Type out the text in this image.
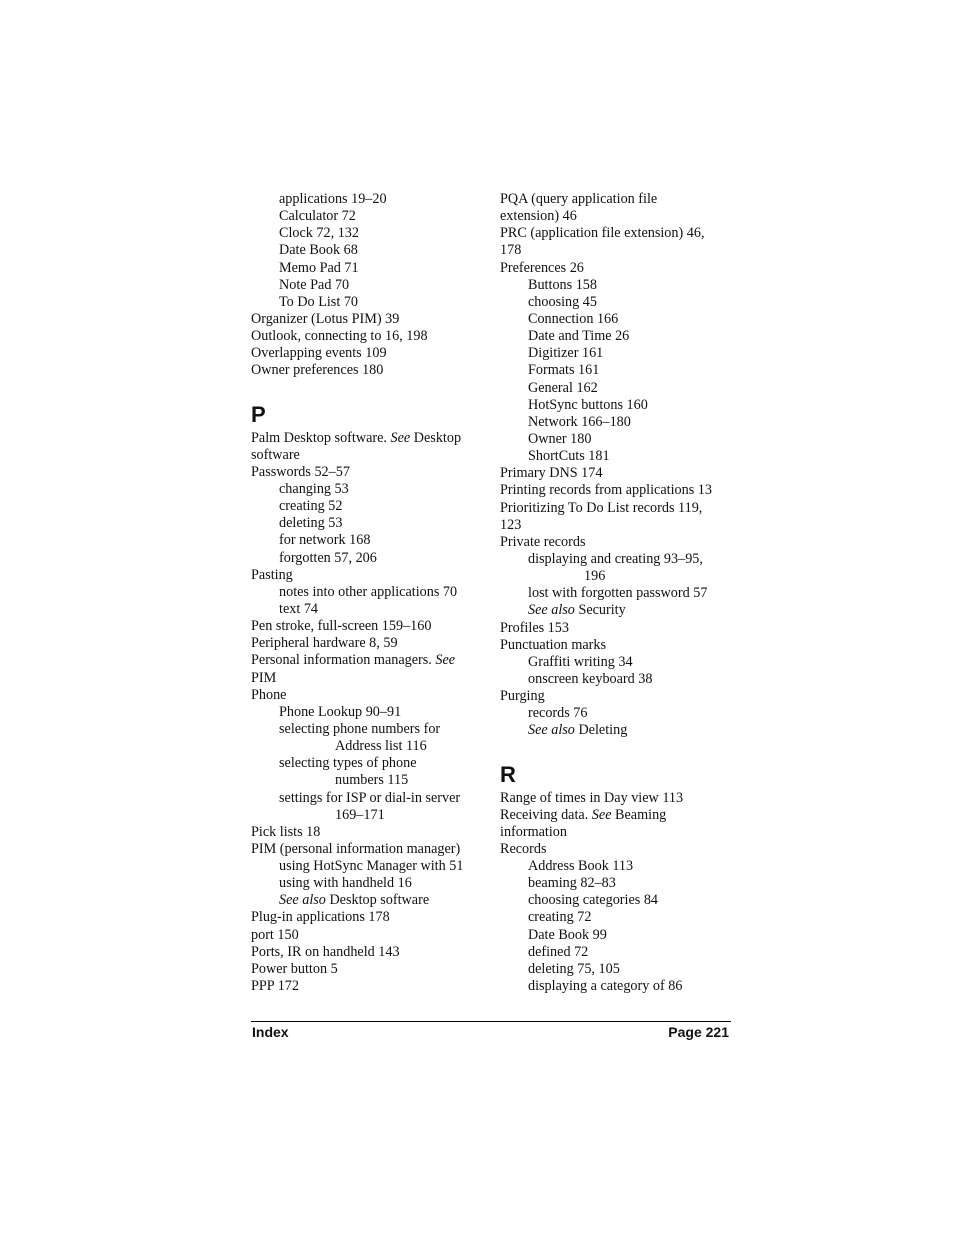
applications 19–20
Calculator 72
Clock 72, 132
Date Book 68
Memo Pad 71
Note Pad 70
To Do List 70
Organizer (Lotus PIM) 39
Outlook, connecting to 16, 198
Overlapping events 109
Owner preferences 180
P
Palm Desktop software. See Desktop
software
Passwords 52–57
changing 53
creating 52
deleting 53
for network 168
forgotten 57, 206
Pasting
notes into other applications 70
text 74
Pen stroke, full-screen 159–160
Peripheral hardware 8, 59
Personal information managers. See
PIM
Phone
Phone Lookup 90–91
selecting phone numbers for
Address list 116
selecting types of phone
numbers 115
settings for ISP or dial-in server
169–171
Pick lists 18
PIM (personal information manager)
using HotSync Manager with 51
using with handheld 16
See also Desktop software
Plug-in applications 178
port 150
Ports, IR on handheld 143
Power button 5
PPP 172
PQA (query application file
extension) 46
PRC (application file extension) 46,
178
Preferences 26
Buttons 158
choosing 45
Connection 166
Date and Time 26
Digitizer 161
Formats 161
General 162
HotSync buttons 160
Network 166–180
Owner 180
ShortCuts 181
Primary DNS 174
Printing records from applications 13
Prioritizing To Do List records 119,
123
Private records
displaying and creating 93–95,
196
lost with forgotten password 57
See also Security
Profiles 153
Punctuation marks
Graffiti writing 34
onscreen keyboard 38
Purging
records 76
See also Deleting
R
Range of times in Day view 113
Receiving data. See Beaming
information
Records
Address Book 113
beaming 82–83
choosing categories 84
creating 72
Date Book 99
defined 72
deleting 75, 105
displaying a category of 86
Index	Page 221
